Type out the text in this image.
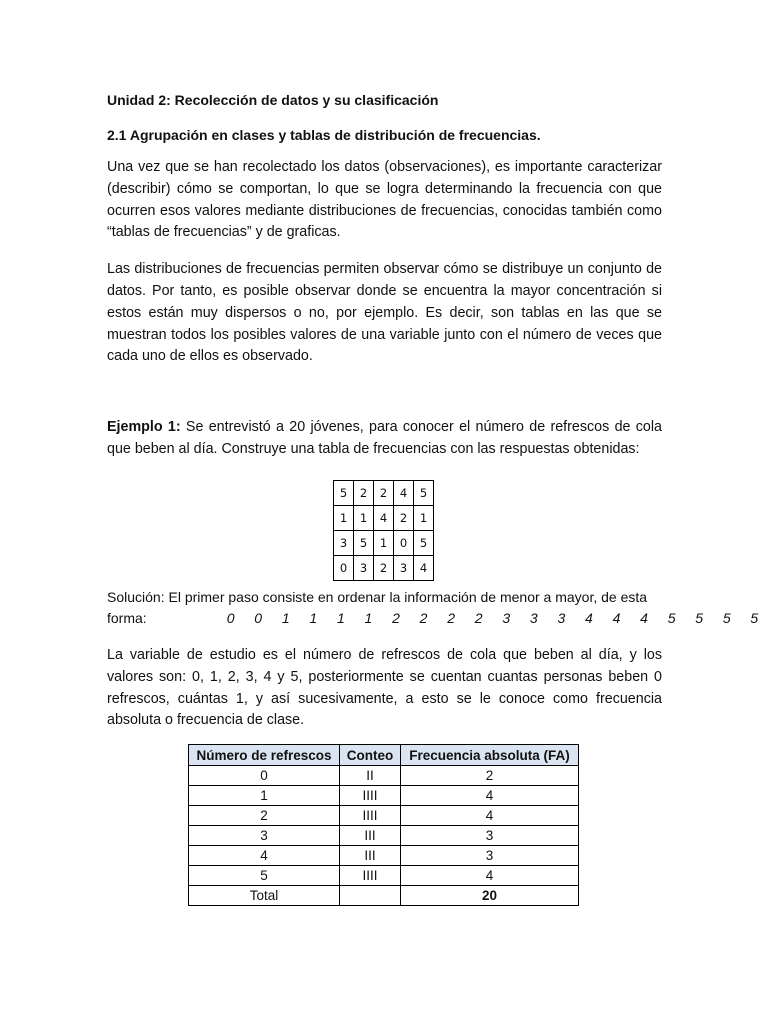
Unidad 2: Recolección de datos y su clasificación
2.1 Agrupación en clases y tablas de distribución de frecuencias.

Una vez que se han recolectado los datos (observaciones), es importante caracterizar (describir) cómo se comportan, lo que se logra determinando la frecuencia con que ocurren esos valores mediante distribuciones de frecuencias, conocidas también como “tablas de frecuencias” y de graficas.

Las distribuciones de frecuencias permiten observar cómo se distribuye un conjunto de datos. Por tanto, es posible observar donde se encuentra la mayor concentración si estos están muy dispersos o no, por ejemplo. Es decir, son tablas en las que se muestran todos los posibles valores de una variable junto con el número de veces que cada uno de ellos es observado.

Ejemplo 1: Se entrevistó a 20 jóvenes, para conocer el número de refrescos de cola que beben al día. Construye una tabla de frecuencias con las respuestas obtenidas:

5	2	2	4	5
1	1	4	2	1
3	5	1	0	5
0	3	2	3	4
Solución: El primer paso consiste en ordenar la información de menor a mayor, de esta
forma:	0  0  1  1  1  1  2  2  2  2  3  3  3  4  4  4  5  5  5  5

La variable de estudio es el número de refrescos de cola que beben al día, y los valores son: 0, 1, 2, 3, 4 y 5, posteriormente se cuentan cuantas personas beben 0 refrescos, cuántas 1, y así sucesivamente, a esto se le conoce como frecuencia absoluta o frecuencia de clase.

Número de refrescos	Conteo	Frecuencia absoluta (FA)
0	II	2
1	IIII	4
2	IIII	4
3	III	3
4	III	3
5	IIII	4
Total		20
